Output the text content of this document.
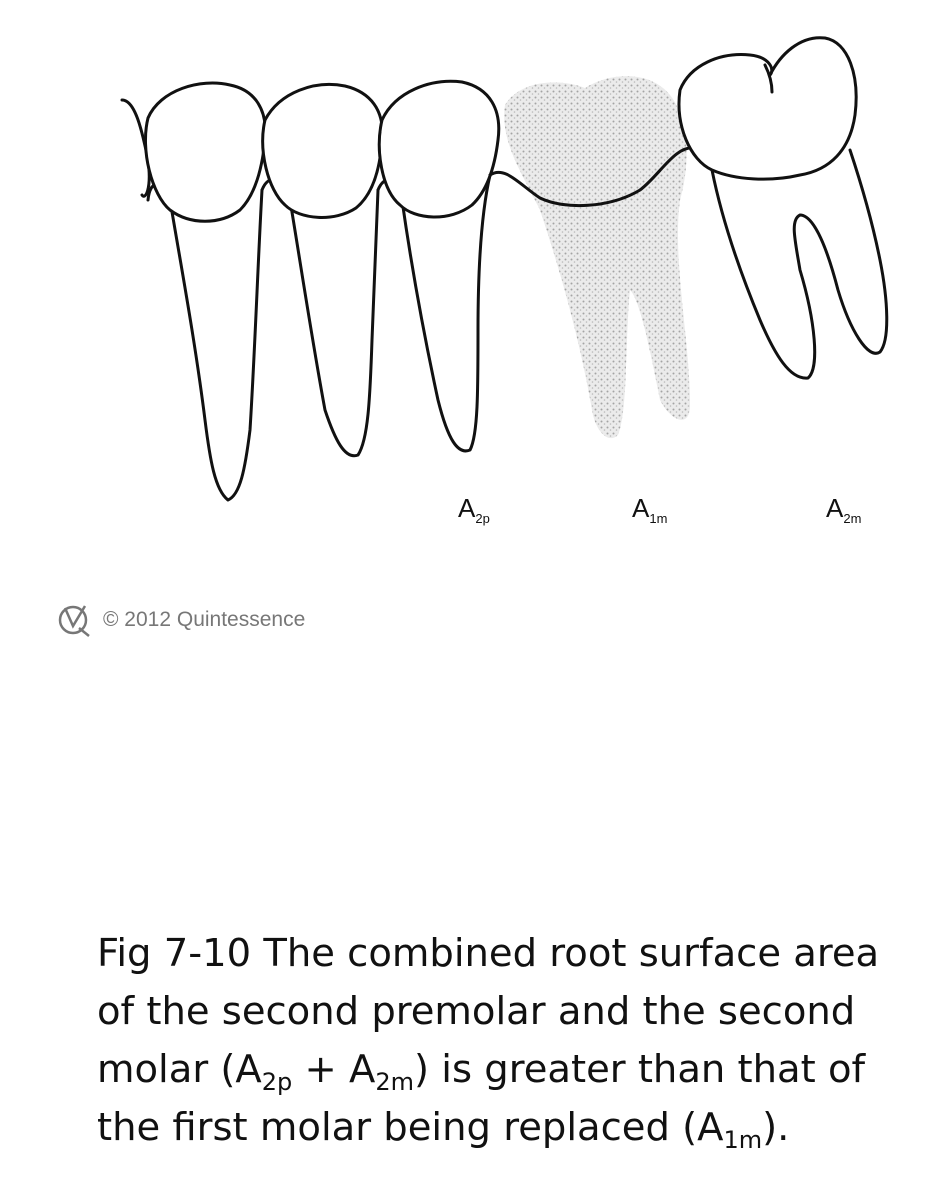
$A_{2p}$	$A_{1m}$	$A_{2m}$
© 2012 Quintessence
Fig 7-10 The combined root surface area
of the second premolar and the second
molar $(A_{2p} + A_{2m})$ is greater than that of
the first molar being replaced $(A_{1m})$.
